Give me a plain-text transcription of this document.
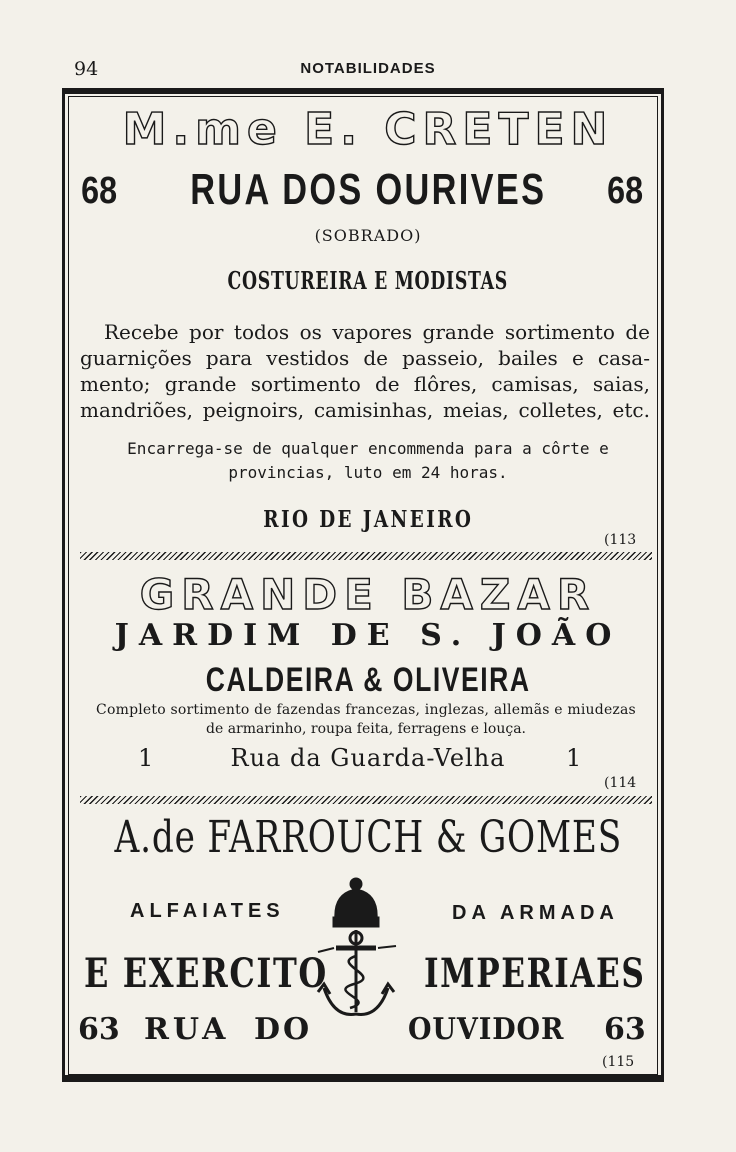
94	NOTABILIDADES
M.me E. CRETEN
68	RUA DOS OURIVES	68
(SOBRADO)
COSTUREIRA E MODISTAS
Recebe por todos os vapores grande sortimento de
guarnições para vestidos de passeio, bailes e casa-
mento; grande sortimento de flôres, camisas, saias,
mandriões, peignoirs, camisinhas, meias, colletes, etc.
Encarrega-se de qualquer encommenda para a côrte e
provincias, luto em 24 horas.
RIO DE JANEIRO
(113
GRANDE BAZAR
JARDIM DE S. JOÃO
CALDEIRA & OLIVEIRA
Completo sortimento de fazendas francezas, inglezas, allemãs e miudezas
de armarinho, roupa feita, ferragens e louça.
1	Rua da Guarda-Velha	1
(114
A.de FARROUCH & GOMES
ALFAIATES	DA ARMADA
E EXERCITO	IMPERIAES
63 RUA DO	OUVIDOR	63
(115
